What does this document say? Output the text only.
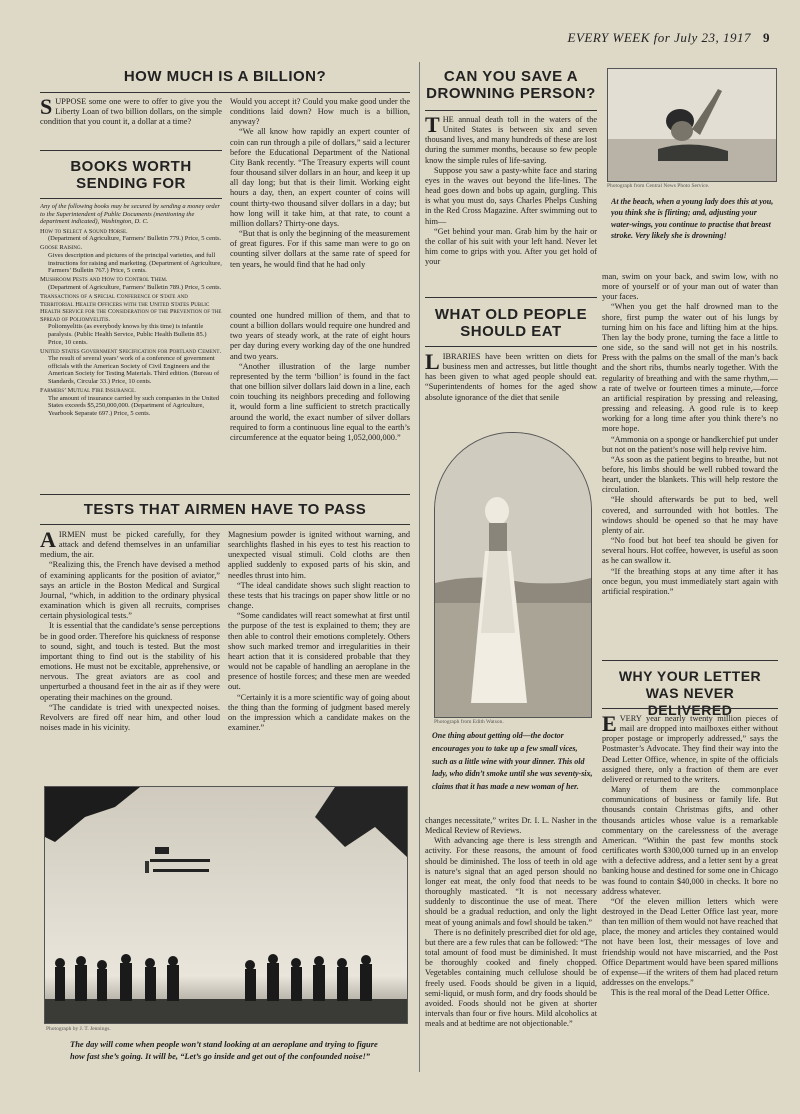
EVERY WEEK for July 23, 1917 9
HOW MUCH IS A BILLION?
SUPPOSE some one were to offer to give you the Liberty Loan of two billion dollars, on the simple condition that you count it, a dollar at a time?

Would you accept it? Could you make good under the conditions laid down? How much is a billion, anyway?

“We all know how rapidly an expert counter of coin can run through a pile of dollars,” said a lecturer before the Educational Department of the National City Bank recently. “The Treasury experts will count four thousand silver dollars in an hour, and keep it up all day long; but that is their limit. Working eight hours a day, then, an expert counter of coins will count thirty-two thousand silver dollars in a day; but how long will it take him, at that rate, to count a million dollars? Thirty-one days.

“But that is only the beginning of the measurement of great figures. For if this same man were to go on counting silver dollars at the same rate of speed for ten years, he would find that he had only

counted one hundred million of them, and that to count a billion dollars would require one hundred and two years of steady work, at the rate of eight hours per day during every working day of the one hundred and two years.

“Another illustration of the large number represented by the term ‘billion’ is found in the fact that one billion silver dollars laid down in a line, each coin touching its neighbors preceding and following it, would form a line sufficient to stretch practically around the world, the exact number of silver dollars required to form a continuous line equal to the earth’s circumference at the equator being 1,052,000,000.”

BOOKS WORTH SENDING FOR
Any of the following books may be secured by sending a money order to the Superintendent of Public Documents (mentioning the department indicated), Washington, D. C.
How to Select a Sound Horse.
(Department of Agriculture, Farmers’ Bulletin 779.) Price, 5 cents.
Goose Raising.
Gives description and pictures of the principal varieties, and full instructions for raising and marketing. (Department of Agriculture, Farmers’ Bulletin 767.) Price, 5 cents.
Mushroom Pests and How to Control Them.
(Department of Agriculture, Farmers’ Bulletin 789.) Price, 5 cents.
Transactions of a Special Conference of State and Territorial Health Officers with the United States Public Health Service for the Consideration of the Prevention of the Spread of Poliomyelitis.
Poliomyelitis (as everybody knows by this time) is infantile paralysis. (Public Health Service, Public Health Bulletin 85.) Price, 10 cents.
United States Government Specification for Portland Cement.
The result of several years’ work of a conference of government officials with the American Society of Civil Engineers and the American Society for Testing Materials. Third edition. (Bureau of Standards, Circular 33.) Price, 10 cents.
Farmers’ Mutual Fire Insurance.
The amount of insurance carried by such companies in the United States exceeds $5,250,000,000. (Department of Agriculture, Yearbook Separate 697.) Price, 5 cents.
TESTS THAT AIRMEN HAVE TO PASS

AIRMEN must be picked carefully, for they attack and defend themselves in an unfamiliar medium, the air.

“Realizing this, the French have devised a method of examining applicants for the position of aviator,” says an article in the Boston Medical and Surgical Journal, “which, in addition to the ordinary physical examination which is given all recruits, comprises certain physiological tests.”

It is essential that the candidate’s sense perceptions be in good order. Therefore his quickness of response to sound, sight, and touch is tested. But the most important thing to find out is the stability of his emotions. He must not be excitable, apprehensive, or nervous. The great aviators are as cool and unperturbed a thousand feet in the air as if they were operating their machines on the ground.

“The candidate is tried with unexpected noises. Revolvers are fired off near him, and other loud noises made in his vicinity.

Magnesium powder is ignited without warning, and searchlights flashed in his eyes to test his reaction to unexpected visual stimuli. Cold cloths are then applied suddenly to exposed parts of his skin, and needles thrust into him.

“The ideal candidate shows such slight reaction to these tests that his tracings on paper show little or no change.

“Some candidates will react somewhat at first until the purpose of the test is explained to them; they are then able to control their emotions completely. Others show such marked tremor and irregularities in their heart action that it is considered probable that they would not be capable of handling an aeroplane in the presence of hostile forces; and these men are weeded out.

“Certainly it is a more scientific way of going about the thing than the forming of judgment based merely on the impression which a candidate makes on the examiner.”

Photograph by J. T. Jennings.
The day will come when people won’t stand looking at an aeroplane and trying to figure how fast she’s going. It will be, “Let’s go inside and get out of the confounded noise!”
CAN YOU SAVE A DROWNING PERSON?

THE annual death toll in the waters of the United States is between six and seven thousand lives, and many hundreds of these are lost during the summer months, because so few people know the simple rules of life-saving.

Suppose you saw a pasty-white face and staring eyes in the waves out beyond the life-lines. The head goes down and bobs up again, gurgling. This is what you must do, says Charles Phelps Cushing in the Red Cross Magazine. After swimming out to him—

“Get behind your man. Grab him by the hair or the collar of his suit with your left hand. Never let him come to grips with you. After you get hold of your

Photograph from Central News Photo Service.
At the beach, when a young lady does this at you, you think she is flirting; and, adjusting your water-wings, you continue to practise that breast stroke. Very likely she is drowning!
WHAT OLD PEOPLE SHOULD EAT
LIBRARIES have been written on diets for business men and actresses, but little thought has been given to what aged people should eat. “Superintendents of homes for the aged show absolute ignorance of the diet that senile
Photograph from Edith Watson.
One thing about getting old—the doctor encourages you to take up a few small vices, such as a little wine with your dinner. This old lady, who didn’t smoke until she was seventy-six, claims that it has made a new woman of her.

changes necessitate,” writes Dr. I. L. Nasher in the Medical Review of Reviews.

With advancing age there is less strength and activity. For these reasons, the amount of food should be diminished. The loss of teeth in old age is nature’s signal that an aged person should no longer eat meat, the only food that needs to be thoroughly masticated. “It is not necessary suddenly to discontinue the use of meat. There should be a gradual reduction, and only the light meat of young animals and fowl should be taken.”

There is no definitely prescribed diet for old age, but there are a few rules that can be followed: “The total amount of food must be diminished. It must be thoroughly cooked and finely chopped. Vegetables containing much cellulose should be freely used. Foods should be given in a liquid, semi-liquid, or mush form, and dry foods should be avoided. Foods should not be given at shorter intervals than four or five hours. Mild alcoholics at meals and at bedtime are not objectionable.”

man, swim on your back, and swim low, with no more of yourself or of your man out of water than your faces.

“When you get the half drowned man to the shore, first pump the water out of his lungs by turning him on his face and lifting him at the hips. Then lay the body prone, turning the face a little to one side, so the sand will not get in his nostrils. Press with the palms on the small of the man’s back and the short ribs, thumbs nearly together. With the regularity of breathing and with the same rhythm,—a rate of twelve or fourteen times a minute,—force an artificial respiration by pressing and releasing, pressing and releasing. A good rule is to keep working for a long time after you think there’s no more hope.

“Ammonia on a sponge or handkerchief put under but not on the patient’s nose will help revive him.

“As soon as the patient begins to breathe, but not before, his limbs should be well rubbed toward the heart, under the blankets. This will help restore the circulation.

“He should afterwards be put to bed, well covered, and surrounded with hot bottles. The windows should be opened so that he may have plenty of air.

“No food but hot beef tea should be given for several hours. Hot coffee, however, is useful as soon as he can swallow it.

“If the breathing stops at any time after it has once begun, you must immediately start again with artificial respiration.”

WHY YOUR LETTER WAS NEVER DELIVERED

EVERY year nearly twenty million pieces of mail are dropped into mailboxes either without proper postage or improperly addressed,” says the Postmaster’s Advocate. They find their way into the Dead Letter Office, whence, in spite of the officials assigned there, only a fraction of them are ever delivered or returned to the writers.

Many of them are the commonplace communications of business or family life. But thousands contain Christmas gifts, and other thousands articles whose value is a remarkable commentary on the carelessness of the average American. “Within the past few months stock certificates worth $300,000 turned up in an envelop with a defective address, and a letter sent by a great banking house and destined for some one in Chicago was found to contain $40,000 in checks. It bore no address whatever.

“Of the eleven million letters which were destroyed in the Dead Letter Office last year, more than ten million of them would not have reached that place, the money and articles they contained would not have been lost, their messages of love and friendship would not have miscarried, and the Post Office Department would have been spared millions of expense—if the writers of them had placed return addresses on the envelops.”

This is the real moral of the Dead Letter Office.
